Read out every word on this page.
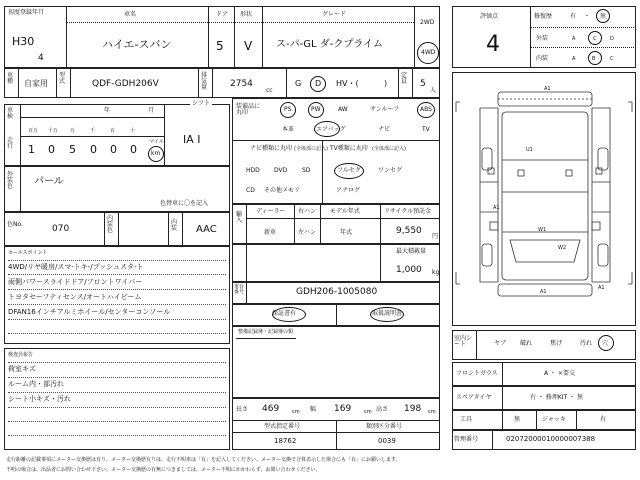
初度登録年月
H30
4
車名
ハイエ-スバン
ドア
5
形状
V
グレード
ス-パ-GL ダ-クプライム
2WD
4WD
車種 自家用
型式	QDF-GDH206V
排気量	2754
cc
G D HV・(	)
定員 5
人
車検
年	月
シフト
IA I
走行
百万 十万 万	千	百	十
1 0 5 0 0 0
マイル
km
外装色	パール
色替車に〇を記入
色No.	070
内装色
内装 AAC
セールスポイント
4WD/リヤ暖房/スマ-トキ-/プッシュスタ-ト
両側パワースライドドア/フロントワイパー
トヨタセーフティセンス/オートハイビーム
DFAN16インチアルミホイール/センターコンソール
検査員報告
荷室キズ
ルーム内・部汚れ
シート小キズ・汚れ
装備品に丸印	PS	PW	AW	サンルーフ	ABS
本革	エアバッグ	ナビ	TV
ナビ種類に丸印 (全体部に記入)
HDD DVD SD
CD その他 メモリ
TV種類に丸印 (全体部に記入)
フルセグ	ワンセグ
アナログ
輸入
ディーラー
新車
右ハン
左ハン
モデル年式
年式
リサイクル預託金
9,550
円
最大積載量
1,000 kg
車台番号	GDH206-1005080
保証書有	取扱説明書
整備記録簿・記録簿の類
長さ 469	cm 幅 169	cm 高さ 198 cm
型式指定番号
18762
類別区分番号
0039
評価点
4
修復歴	有 ・ 無
外装	A	C	D
内装	A	B	C
A1
U1
A1
W2
A1
A1
W1
室内シート	ヤブ 破れ	焦げ	汚れ 穴
フロントガラス	A ・ ×要交
スペアタイヤ	有 ・ 修理KIT ・ 無
工具	無	ジャッキ	有
管理番号	02072000010000007388
走行距離の記載事項にメーター交換歴は有り、メーター交換歴有りは、走行不明車は「有」を記入してください。メーター交換で合算表示した場合にも「有」にお願いします。
不明の場合は、出品者にお問い合わせ下さい。メーター交換歴の有無につきましては、メーター不明にかかわらず、お問い合わせください。
